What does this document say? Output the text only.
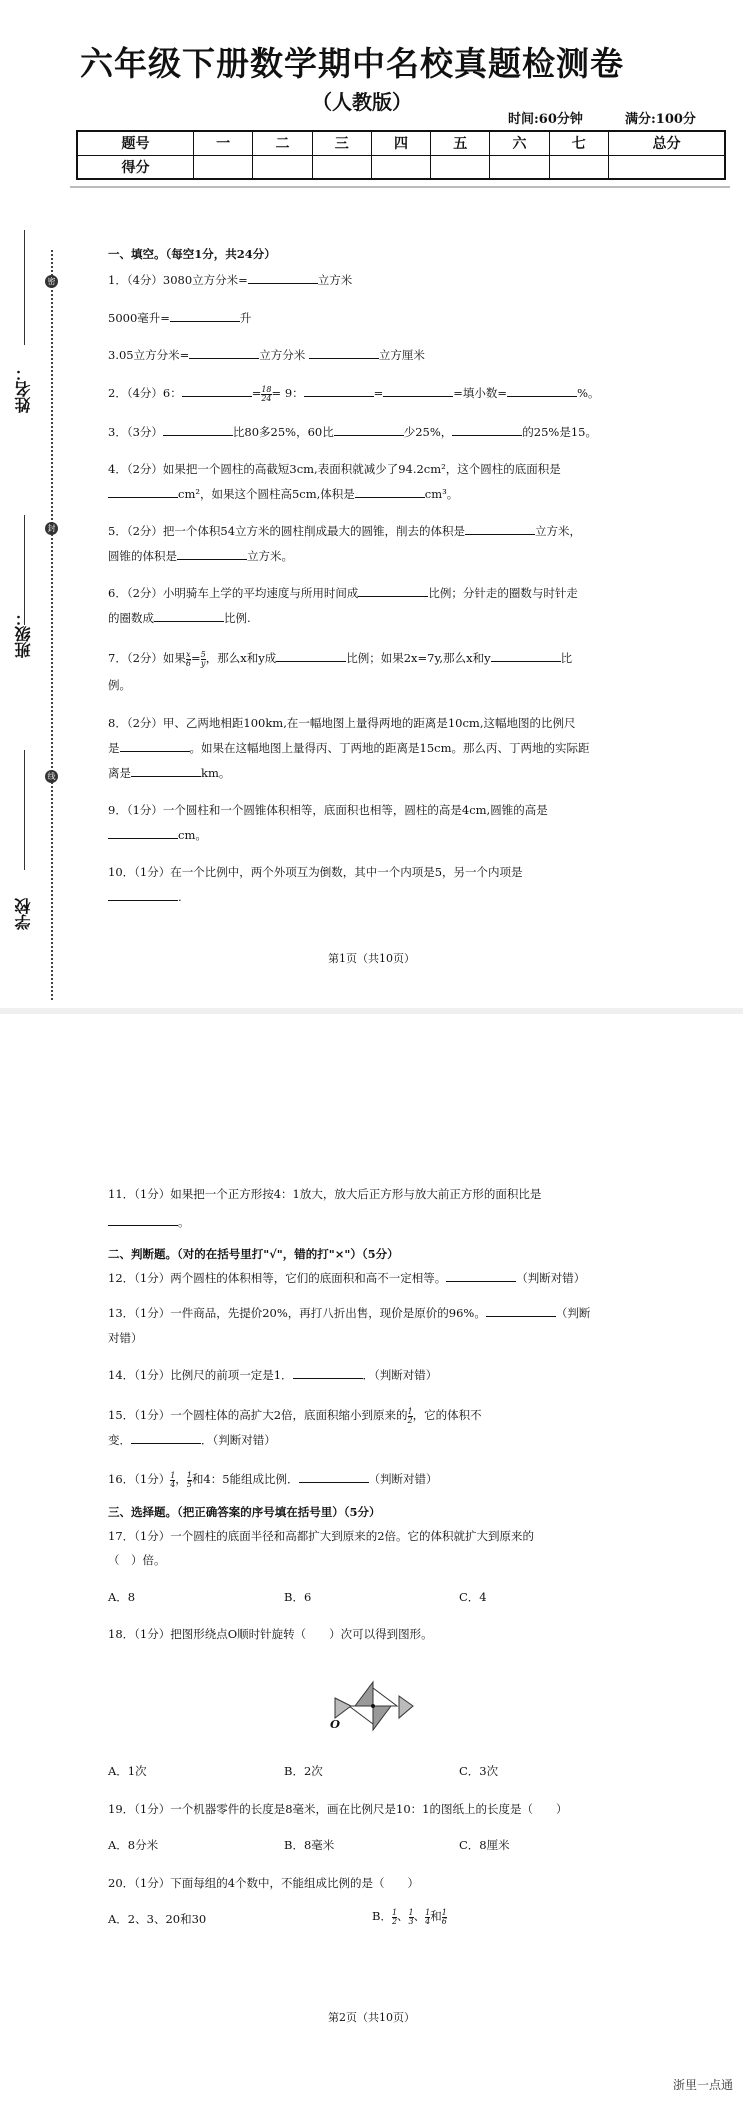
姓名：
密
班级：
封
学校
线
六年级下册数学期中名校真题检测卷
（人教版）
时间:60分钟	满分:100分
题号	一	二	三	四	五	六	七	总分
得分								
一、填空。（每空1分，共24分）
1．（4分）3080立方分米=	立方米
5000毫升=	升
3.05立方分米=	立方分米	立方厘米
2．（4分）6：	= $\frac{18}{24} = 9$：	=	=填小数=	%。
3．（3分）	比80多25%，60比	少25%，	的25%是15。
4．（2分）如果把一个圆柱的高截短3cm,表面积就减少了94.2cm²，这个圆柱的底面积是
cm²，如果这个圆柱高5cm,体积是	cm³。
5．（2分）把一个体积54立方米的圆柱削成最大的圆锥，削去的体积是	立方米，
圆锥的体积是	立方米。
6．（2分）小明骑车上学的平均速度与所用时间成	比例；分针走的圈数与时针走
的圈数成	比例.
7．（2分）如果 $\frac{x}{6} = \frac{5}{y}$ ，那么x和y成	比例；如果2x=7y,那么x和y	比
例。
8．（2分）甲、乙两地相距100km,在一幅地图上量得两地的距离是10cm,这幅地图的比例尺
是	。如果在这幅地图上量得丙、丁两地的距离是15cm。那么丙、丁两地的实际距
离是	km。
9．（1分）一个圆柱和一个圆锥体积相等，底面积也相等，圆柱的高是4cm,圆锥的高是
cm。
10．（1分）在一个比例中，两个外项互为倒数，其中一个内项是5，另一个内项是
.
第1页（共10页）
11．（1分）如果把一个正方形按4：1放大，放大后正方形与放大前正方形的面积比是
。
二、判断题。（对的在括号里打"√"，错的打"×"）（5分）
12．（1分）两个圆柱的体积相等，它们的底面积和高不一定相等。	（判断对错）
13．（1分）一件商品，先提价20%，再打八折出售，现价是原价的96%。	（判断
对错）
14．（1分）比例尺的前项一定是1．	．（判断对错）
15．（1分）一个圆柱体的高扩大2倍，底面积缩小到原来的 $\frac{1}{2}$ ，它的体积不
变．	．（判断对错）
16．（1分） $\frac{1}{4}$ ， $\frac{1}{5}$ 和4：5能组成比例．	（判断对错）
三、选择题。（把正确答案的序号填在括号里）（5分）
17．（1分）一个圆柱的底面半径和高都扩大到原来的2倍。它的体积就扩大到原来的
（　）倍。
A．8	B．6	C．4
18．（1分）把图形绕点O顺时针旋转（　　）次可以得到图形。
O
A．1次	B．2次	C．3次
19．（1分）一个机器零件的长度是8毫米，画在比例尺是10：1的图纸上的长度是（　　）
A．8分米	B．8毫米	C．8厘米
20．（1分）下面每组的4个数中，不能组成比例的是（　　）
A．2、3、20和30	B． $\frac{1}{2}$ 、 $\frac{1}{3}$ 、 $\frac{1}{4}$ 和 $\frac{1}{6}$
第2页（共10页）
浙里一点通
